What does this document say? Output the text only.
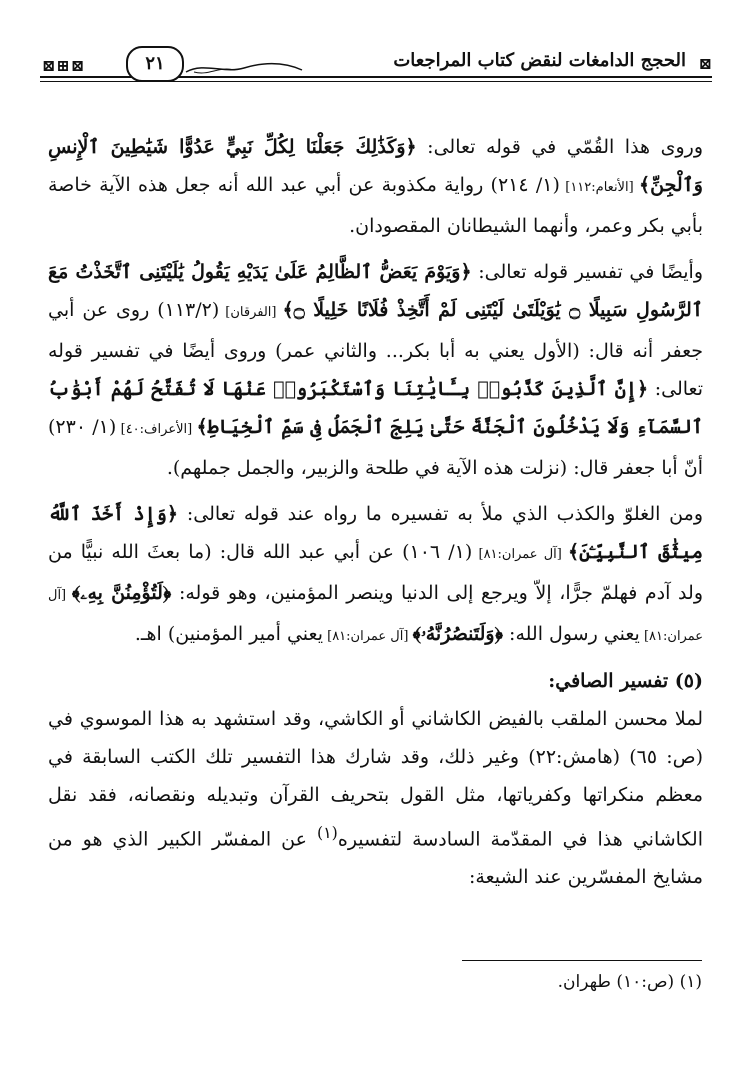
⊠
الحجج الدامغات لنقض كتاب المراجعات
٢١
⊠⊞⊠

وروى هذا القُمّي في قوله تعالى: ﴿وَكَذَٰلِكَ جَعَلْنَا لِكُلِّ نَبِيٍّ عَدُوًّا شَيَٰطِينَ ٱلْإِنسِ وَٱلْجِنِّ﴾ [الأنعام:١١٢] (١/ ٢١٤) رواية مكذوبة عن أبي عبد الله أنه جعل هذه الآية خاصة بأبي بكر وعمر، وأنهما الشيطانان المقصودان.

وأيضًا في تفسير قوله تعالى: ﴿وَيَوْمَ يَعَضُّ ٱلظَّالِمُ عَلَىٰ يَدَيْهِ يَقُولُ يَٰلَيْتَنِى ٱتَّخَذْتُ مَعَ ٱلرَّسُولِ سَبِيلًا ۝ يَٰوَيْلَتَىٰ لَيْتَنِى لَمْ أَتَّخِذْ فُلَانًا خَلِيلًا ۝﴾ [الفرقان] (١١٣/٢) روى عن أبي جعفر أنه قال: (الأول يعني به أبا بكر... والثاني عمر) وروى أيضًا في تفسير قوله تعالى: ﴿إِنَّ ٱلَّذِينَ كَذَّبُوا۟ بِـَٔايَٰتِنَا وَٱسْتَكْبَرُوا۟ عَنْهَا لَا تُفَتَّحُ لَهُمْ أَبْوَٰبُ ٱلسَّمَآءِ وَلَا يَدْخُلُونَ ٱلْجَنَّةَ حَتَّىٰ يَلِجَ ٱلْجَمَلُ فِى سَمِّ ٱلْخِيَاطِ﴾ [الأعراف:٤٠] (١/ ٢٣٠) أنّ أبا جعفر قال: (نزلت هذه الآية في طلحة والزبير، والجمل جملهم).

ومن الغلوّ والكذب الذي ملأ به تفسيره ما رواه عند قوله تعالى: ﴿وَإِذْ أَخَذَ ٱللَّهُ مِيثَٰقَ ٱلنَّبِيِّـۧنَ﴾ [آل عمران:٨١] (١/ ١٠٦) عن أبي عبد الله قال: (ما بعثَ الله نبيًّا من ولد آدم فهلمّ جرًّا، إلاّ ويرجع إلى الدنيا وينصر المؤمنين، وهو قوله: ﴿لَتُؤْمِنُنَّ بِهِۦ﴾ [آل عمران:٨١] يعني رسول الله: ﴿وَلَتَنصُرُنَّهُۥ﴾ [آل عمران:٨١] يعني أمير المؤمنين) اهـ.

(٥) تفسير الصافي:

لملا محسن الملقب بالفيض الكاشاني أو الكاشي، وقد استشهد به هذا الموسوي في (ص: ٦٥) (هامش:٢٢) وغير ذلك، وقد شارك هذا التفسير تلك الكتب السابقة في معظم منكراتها وكفرياتها، مثل القول بتحريف القرآن وتبديله ونقصانه، فقد نقل الكاشاني هذا في المقدّمة السادسة لتفسيره$^{(١)}$ عن المفسّر الكبير الذي هو من مشايخ المفسّرين عند الشيعة:

(١) (ص:١٠) طهران.
